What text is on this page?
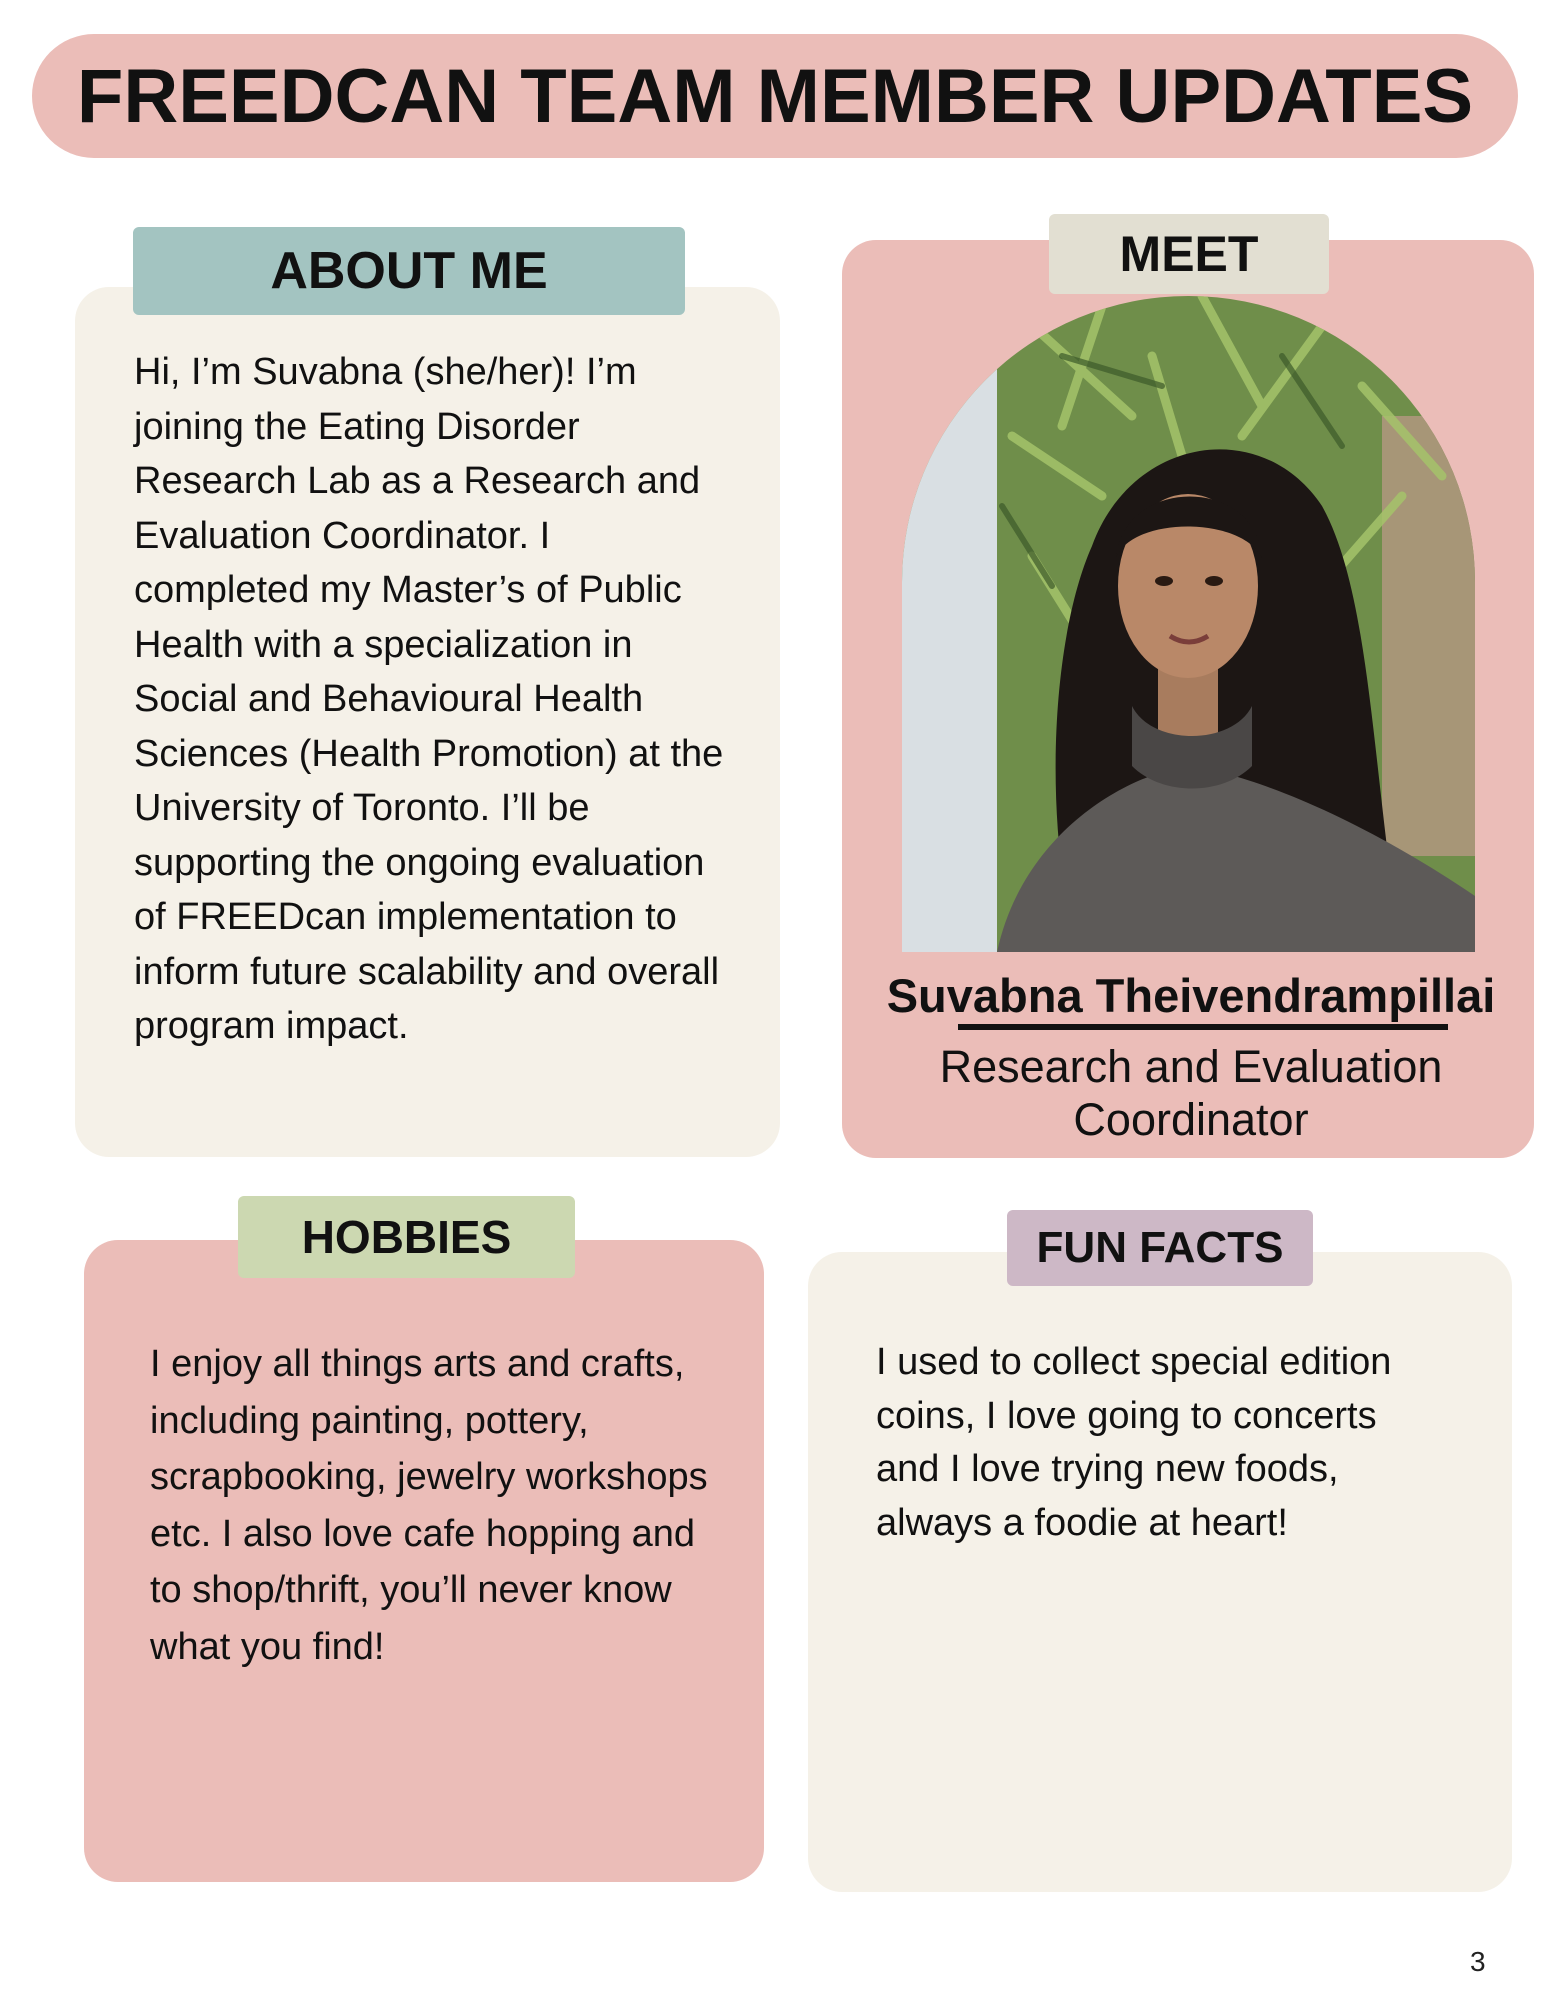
FREEDCAN TEAM MEMBER UPDATES
ABOUT ME

Hi, I’m Suvabna (she/her)! I’m joining the Eating Disorder Research Lab as a Research and Evaluation Coordinator. I completed my Master’s of Public Health with a specialization in Social and Behavioural Health Sciences (Health Promotion) at the University of Toronto. I’ll be supporting the ongoing evaluation of FREEDcan implementation to inform future scalability and overall program impact.

MEET

Suvabna Theivendrampillai

Research and Evaluation Coordinator

HOBBIES

I enjoy all things arts and crafts, including painting, pottery, scrapbooking, jewelry workshops etc. I also love cafe hopping and to shop/thrift, you’ll never know what you find!

FUN FACTS

I used to collect special edition coins, I love going to concerts and I love trying new foods, always a foodie at heart!

3
